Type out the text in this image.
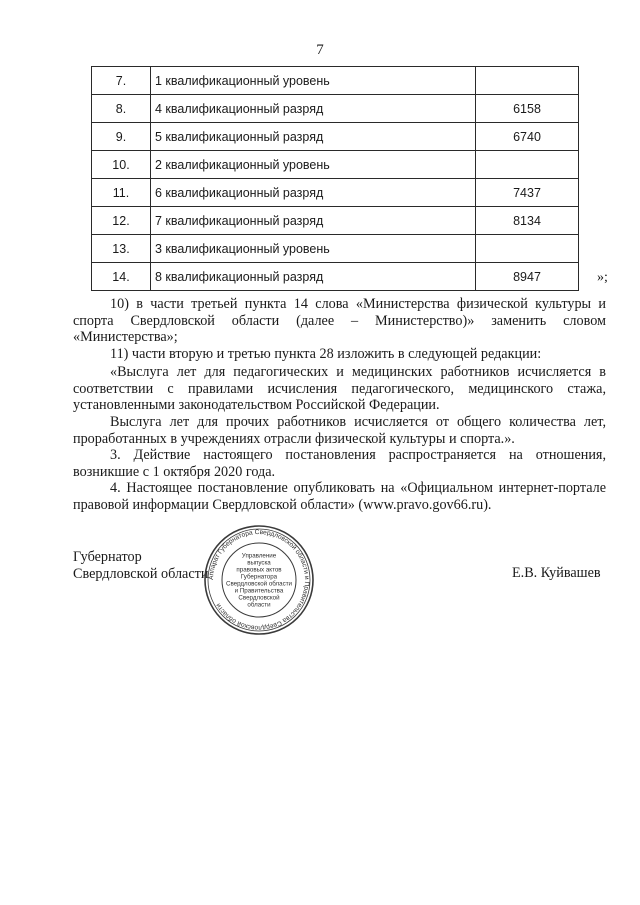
7
7.	1 квалификационный уровень	
8.	4 квалификационный разряд	6158
9.	5 квалификационный разряд	6740
10.	2 квалификационный уровень	
11.	6 квалификационный разряд	7437
12.	7 квалификационный разряд	8134
13.	3 квалификационный уровень	
14.	8 квалификационный разряд	8947	»;

10) в части третьей пункта 14 слова «Министерства физической культуры и спорта Свердловской области (далее – Министерство)» заменить словом «Министерства»;

11) части вторую и третью пункта 28 изложить в следующей редакции:

«Выслуга лет для педагогических и медицинских работников исчисляется в соответствии с правилами исчисления педагогического, медицинского стажа, установленными законодательством Российской Федерации.

Выслуга лет для прочих работников исчисляется от общего количества лет, проработанных в учреждениях отрасли физической культуры и спорта.».

3. Действие настоящего постановления распространяется на отношения, возникшие с 1 октября 2020 года.

4. Настоящее постановление опубликовать на «Официальном интернет-портале правовой информации Свердловской области» (www.pravo.gov66.ru).

Губернатор
Свердловской области Аппарат Губернатора Свердловской области и Правительства Свердловской области
Управление
выпуска
правовых актов
Губернатора
Свердловской области
и Правительства
Свердловской
области
Е.В. Куйвашев
